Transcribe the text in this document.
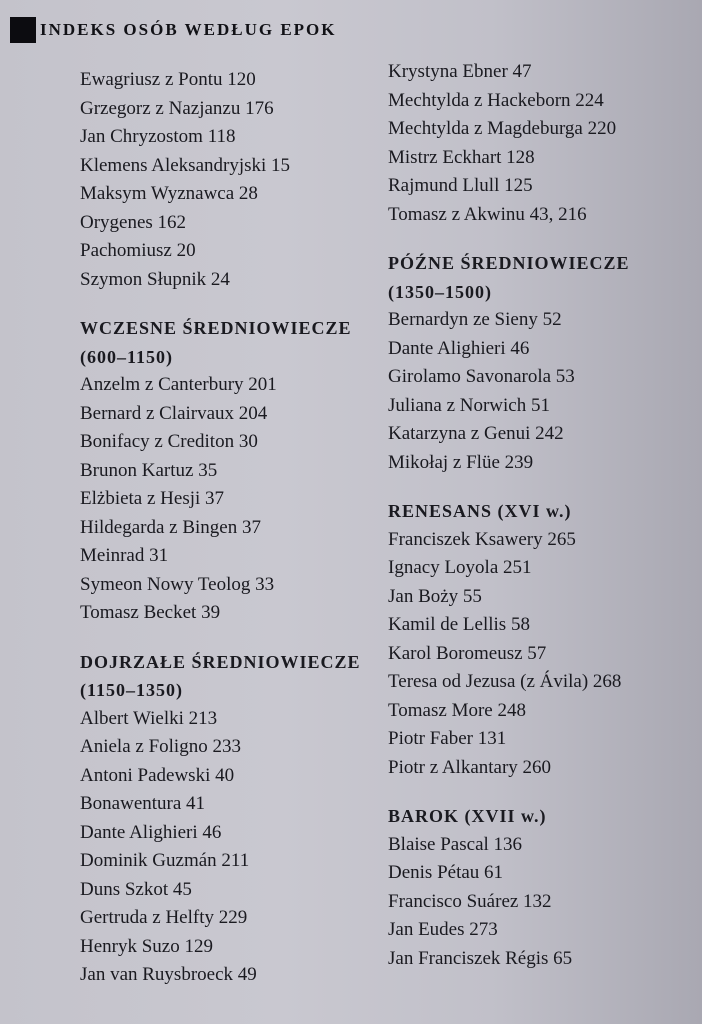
INDEKS OSÓB WEDŁUG EPOK
Ewagriusz z Pontu 120
Grzegorz z Nazjanzu 176
Jan Chryzostom 118
Klemens Aleksandryjski 15
Maksym Wyznawca 28
Orygenes 162
Pachomiusz 20
Szymon Słupnik 24
WCZESNE ŚREDNIOWIECZE
(600–1150)
Anzelm z Canterbury 201
Bernard z Clairvaux 204
Bonifacy z Crediton 30
Brunon Kartuz 35
Elżbieta z Hesji 37
Hildegarda z Bingen 37
Meinrad 31
Symeon Nowy Teolog 33
Tomasz Becket 39
DOJRZAŁE ŚREDNIOWIECZE
(1150–1350)
Albert Wielki 213
Aniela z Foligno 233
Antoni Padewski 40
Bonawentura 41
Dante Alighieri 46
Dominik Guzmán 211
Duns Szkot 45
Gertruda z Helfty 229
Henryk Suzo 129
Jan van Ruysbroeck 49
Krystyna Ebner 47
Mechtylda z Hackeborn 224
Mechtylda z Magdeburga 220
Mistrz Eckhart 128
Rajmund Llull 125
Tomasz z Akwinu 43, 216
PÓŹNE ŚREDNIOWIECZE
(1350–1500)
Bernardyn ze Sieny 52
Dante Alighieri 46
Girolamo Savonarola 53
Juliana z Norwich 51
Katarzyna z Genui 242
Mikołaj z Flüe 239
RENESANS (XVI w.)
Franciszek Ksawery 265
Ignacy Loyola 251
Jan Boży 55
Kamil de Lellis 58
Karol Boromeusz 57
Teresa od Jezusa (z Ávila) 268
Tomasz More 248
Piotr Faber 131
Piotr z Alkantary 260
BAROK (XVII w.)
Blaise Pascal 136
Denis Pétau 61
Francisco Suárez 132
Jan Eudes 273
Jan Franciszek Régis 65
